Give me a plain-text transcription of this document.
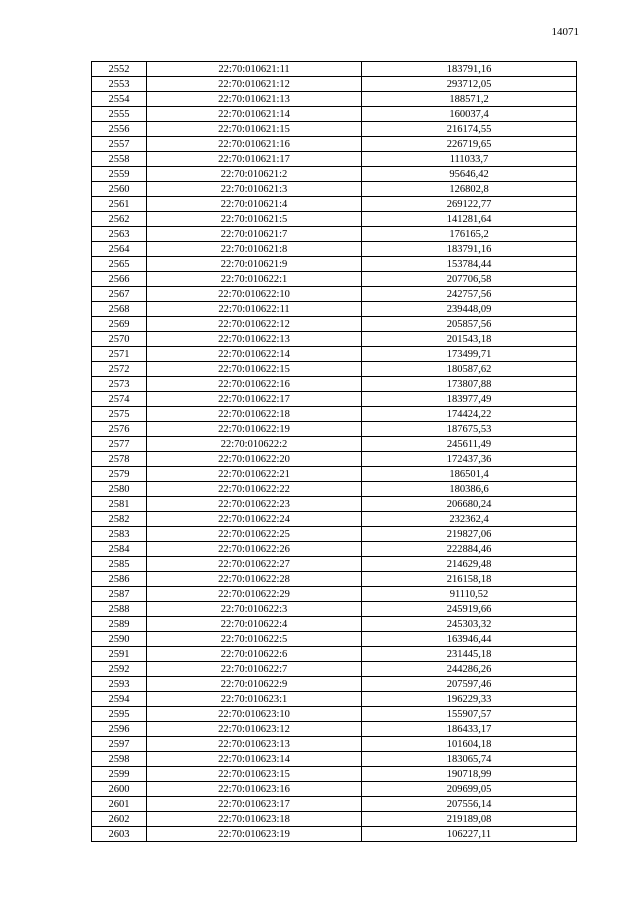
14071
2552	22:70:010621:11	183791,16
2553	22:70:010621:12	293712,05
2554	22:70:010621:13	188571,2
2555	22:70:010621:14	160037,4
2556	22:70:010621:15	216174,55
2557	22:70:010621:16	226719,65
2558	22:70:010621:17	111033,7
2559	22:70:010621:2	95646,42
2560	22:70:010621:3	126802,8
2561	22:70:010621:4	269122,77
2562	22:70:010621:5	141281,64
2563	22:70:010621:7	176165,2
2564	22:70:010621:8	183791,16
2565	22:70:010621:9	153784,44
2566	22:70:010622:1	207706,58
2567	22:70:010622:10	242757,56
2568	22:70:010622:11	239448,09
2569	22:70:010622:12	205857,56
2570	22:70:010622:13	201543,18
2571	22:70:010622:14	173499,71
2572	22:70:010622:15	180587,62
2573	22:70:010622:16	173807,88
2574	22:70:010622:17	183977,49
2575	22:70:010622:18	174424,22
2576	22:70:010622:19	187675,53
2577	22:70:010622:2	245611,49
2578	22:70:010622:20	172437,36
2579	22:70:010622:21	186501,4
2580	22:70:010622:22	180386,6
2581	22:70:010622:23	206680,24
2582	22:70:010622:24	232362,4
2583	22:70:010622:25	219827,06
2584	22:70:010622:26	222884,46
2585	22:70:010622:27	214629,48
2586	22:70:010622:28	216158,18
2587	22:70:010622:29	91110,52
2588	22:70:010622:3	245919,66
2589	22:70:010622:4	245303,32
2590	22:70:010622:5	163946,44
2591	22:70:010622:6	231445,18
2592	22:70:010622:7	244286,26
2593	22:70:010622:9	207597,46
2594	22:70:010623:1	196229,33
2595	22:70:010623:10	155907,57
2596	22:70:010623:12	186433,17
2597	22:70:010623:13	101604,18
2598	22:70:010623:14	183065,74
2599	22:70:010623:15	190718,99
2600	22:70:010623:16	209699,05
2601	22:70:010623:17	207556,14
2602	22:70:010623:18	219189,08
2603	22:70:010623:19	106227,11
